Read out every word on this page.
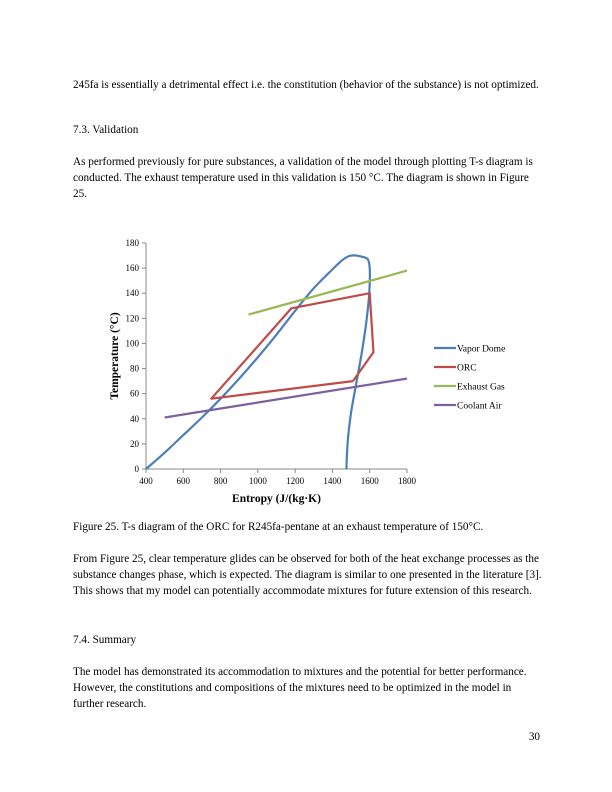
245fa is essentially a detrimental effect i.e. the constitution (behavior of the substance) is not optimized.

7.3. Validation

As performed previously for pure substances, a validation of the model through plotting T-s diagram is conducted. The exhaust temperature used in this validation is 150 °C. The diagram is shown in Figure 25.

0
20
40
60
80
100
120
140
160
180
400	600	800 1000 1200 1400 1600 1800
Vapor Dome
ORC
Exhaust Gas
Coolant Air
Entropy (J/(kg·K)
Temperature (°C)

Figure 25. T-s diagram of the ORC for R245fa-pentane at an exhaust temperature of 150°C.

From Figure 25, clear temperature glides can be observed for both of the heat exchange processes as the substance changes phase, which is expected. The diagram is similar to one presented in the literature [3]. This shows that my model can potentially accommodate mixtures for future extension of this research.

7.4. Summary

The model has demonstrated its accommodation to mixtures and the potential for better performance. However, the constitutions and compositions of the mixtures need to be optimized in the model in further research.

30
